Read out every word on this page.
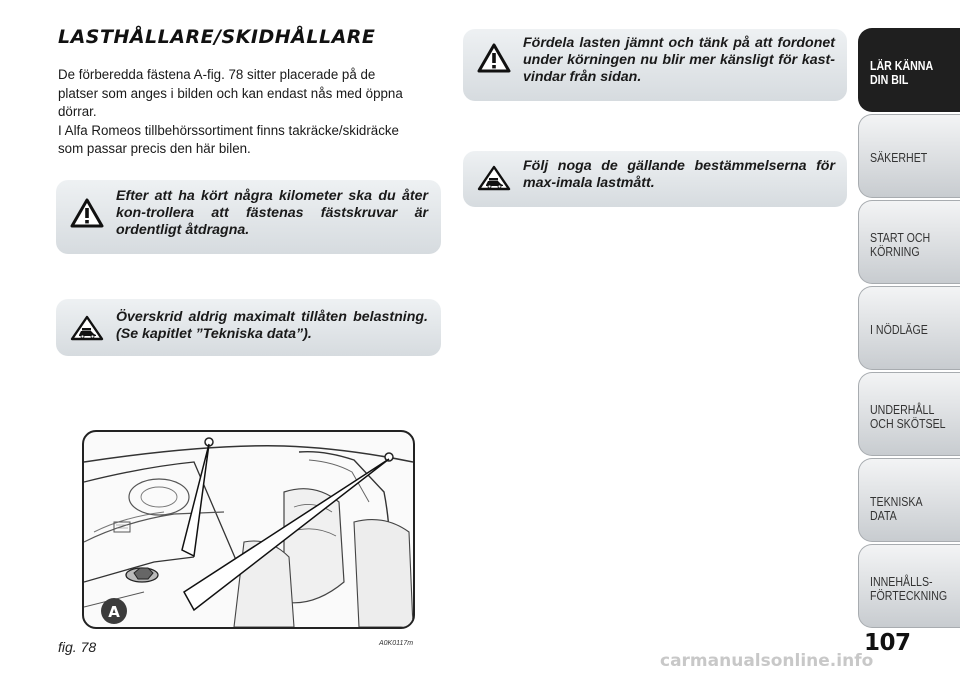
LASTHÅLLARE/SKIDHÅLLARE

De förberedda fästena A-fig. 78 sitter placerade på de platser som anges i bilden och kan endast nås med öppna dörrar.

I Alfa Romeos tillbehörssortiment finns takräcke/skidräcke som passar precis den här bilen.

Efter att ha kört några kilometer ska du åter kon-trollera att fästenas fästskruvar är ordentligt åtdragna.

Överskrid aldrig maximalt tillåten belastning. (Se kapitlet ”Tekniska data”).

Fördela lasten jämnt och tänk på att fordonet under körningen nu blir mer känsligt för kast-vindar från sidan.

Följ noga de gällande bestämmelserna för max-imala lastmått.

A

fig. 78	A0K0117m

LÄR KÄNNA
DIN BIL
SÄKERHET
START OCH
KÖRNING
I NÖDLÄGE
UNDERHÅLL
OCH SKÖTSEL
TEKNISKA DATA
INNEHÅLLS-
FÖRTECKNING

107

carmanualsonline.info
